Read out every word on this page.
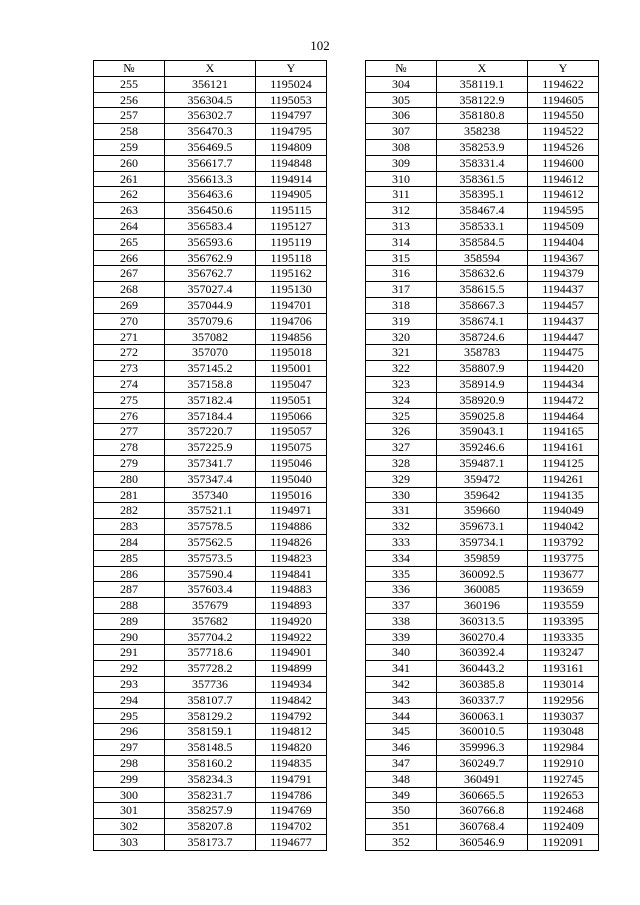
102
№	X	Y
255	356121	1195024
256	356304.5	1195053
257	356302.7	1194797
258	356470.3	1194795
259	356469.5	1194809
260	356617.7	1194848
261	356613.3	1194914
262	356463.6	1194905
263	356450.6	1195115
264	356583.4	1195127
265	356593.6	1195119
266	356762.9	1195118
267	356762.7	1195162
268	357027.4	1195130
269	357044.9	1194701
270	357079.6	1194706
271	357082	1194856
272	357070	1195018
273	357145.2	1195001
274	357158.8	1195047
275	357182.4	1195051
276	357184.4	1195066
277	357220.7	1195057
278	357225.9	1195075
279	357341.7	1195046
280	357347.4	1195040
281	357340	1195016
282	357521.1	1194971
283	357578.5	1194886
284	357562.5	1194826
285	357573.5	1194823
286	357590.4	1194841
287	357603.4	1194883
288	357679	1194893
289	357682	1194920
290	357704.2	1194922
291	357718.6	1194901
292	357728.2	1194899
293	357736	1194934
294	358107.7	1194842
295	358129.2	1194792
296	358159.1	1194812
297	358148.5	1194820
298	358160.2	1194835
299	358234.3	1194791
300	358231.7	1194786
301	358257.9	1194769
302	358207.8	1194702
303	358173.7	1194677
№	X	Y
304	358119.1	1194622
305	358122.9	1194605
306	358180.8	1194550
307	358238	1194522
308	358253.9	1194526
309	358331.4	1194600
310	358361.5	1194612
311	358395.1	1194612
312	358467.4	1194595
313	358533.1	1194509
314	358584.5	1194404
315	358594	1194367
316	358632.6	1194379
317	358615.5	1194437
318	358667.3	1194457
319	358674.1	1194437
320	358724.6	1194447
321	358783	1194475
322	358807.9	1194420
323	358914.9	1194434
324	358920.9	1194472
325	359025.8	1194464
326	359043.1	1194165
327	359246.6	1194161
328	359487.1	1194125
329	359472	1194261
330	359642	1194135
331	359660	1194049
332	359673.1	1194042
333	359734.1	1193792
334	359859	1193775
335	360092.5	1193677
336	360085	1193659
337	360196	1193559
338	360313.5	1193395
339	360270.4	1193335
340	360392.4	1193247
341	360443.2	1193161
342	360385.8	1193014
343	360337.7	1192956
344	360063.1	1193037
345	360010.5	1193048
346	359996.3	1192984
347	360249.7	1192910
348	360491	1192745
349	360665.5	1192653
350	360766.8	1192468
351	360768.4	1192409
352	360546.9	1192091
